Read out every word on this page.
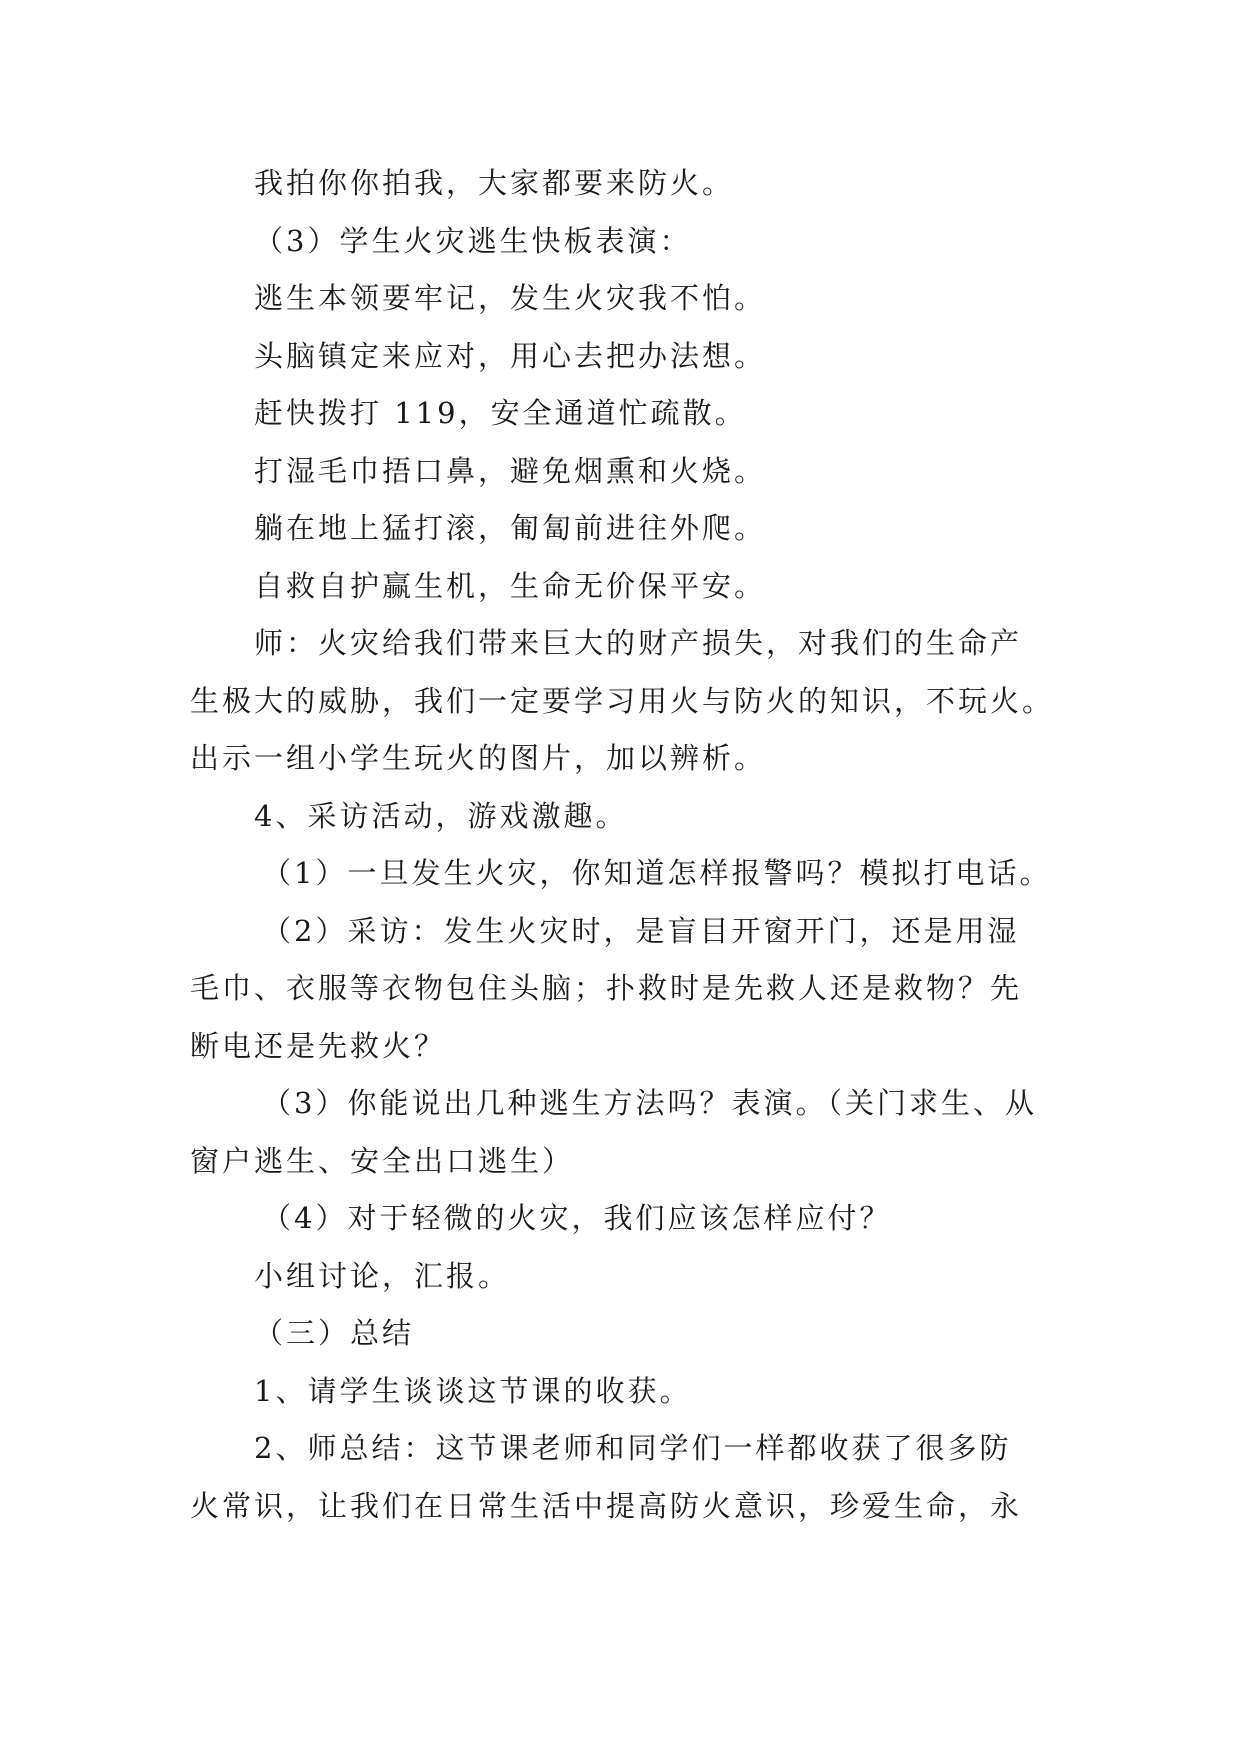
我拍你你拍我，大家都要来防火。

（3）学生火灾逃生快板表演：

逃生本领要牢记，发生火灾我不怕。

头脑镇定来应对，用心去把办法想。

赶快拨打 119，安全通道忙疏散。

打湿毛巾捂口鼻，避免烟熏和火烧。

躺在地上猛打滚，匍匐前进往外爬。

自救自护赢生机，生命无价保平安。

师：火灾给我们带来巨大的财产损失，对我们的生命产

生极大的威胁，我们一定要学习用火与防火的知识，不玩火。

出示一组小学生玩火的图片，加以辨析。

4、采访活动，游戏激趣。

（1）一旦发生火灾，你知道怎样报警吗？模拟打电话。

（2）采访：发生火灾时，是盲目开窗开门，还是用湿

毛巾、衣服等衣物包住头脑；扑救时是先救人还是救物？先

断电还是先救火？

（3）你能说出几种逃生方法吗？表演。（关门求生、从

窗户逃生、安全出口逃生）

（4）对于轻微的火灾，我们应该怎样应付？

小组讨论，汇报。

（三）总结

1、请学生谈谈这节课的收获。

2、师总结：这节课老师和同学们一样都收获了很多防

火常识，让我们在日常生活中提高防火意识，珍爱生命，永
